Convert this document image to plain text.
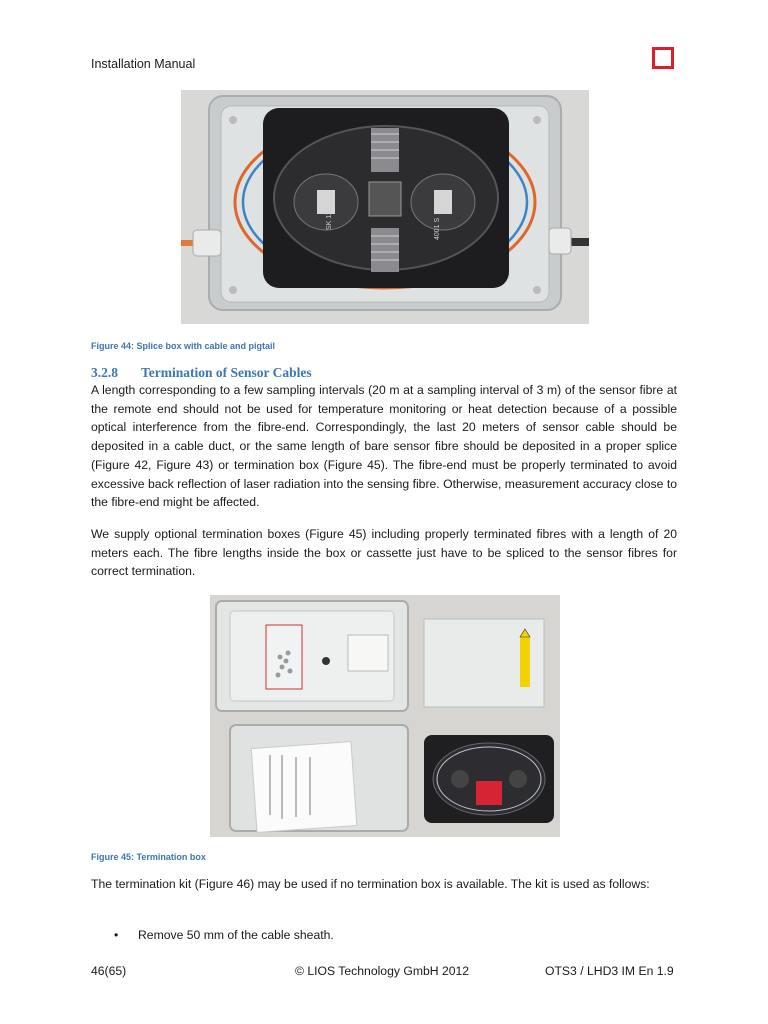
Installation Manual
SK 121	4001 S
Figure 44: Splice box with cable and pigtail
3.2.8 Termination of Sensor Cables

A length corresponding to a few sampling intervals (20 m at a sampling interval of 3 m) of the sensor fibre at the remote end should not be used for temperature monitoring or heat detection because of a possible optical interference from the fibre-end. Correspondingly, the last 20 meters of sensor cable should be deposited in a cable duct, or the same length of bare sensor fibre should be deposited in a proper splice (Figure 42, Figure 43) or termination box (Figure 45). The fibre-end must be properly terminated to avoid excessive back reflection of laser radiation into the sensing fibre. Otherwise, measurement accuracy close to the fibre-end might be affected.

We supply optional termination boxes (Figure 45) including properly terminated fibres with a length of 20 meters each. The fibre lengths inside the box or cassette just have to be spliced to the sensor fibres for correct termination.

Figure 45: Termination box

The termination kit (Figure 46) may be used if no termination box is available. The kit is used as follows:

• Remove 50 mm of the cable sheath.
46(65)	© LIOS Technology GmbH 2012	OTS3 / LHD3 IM En 1.9
